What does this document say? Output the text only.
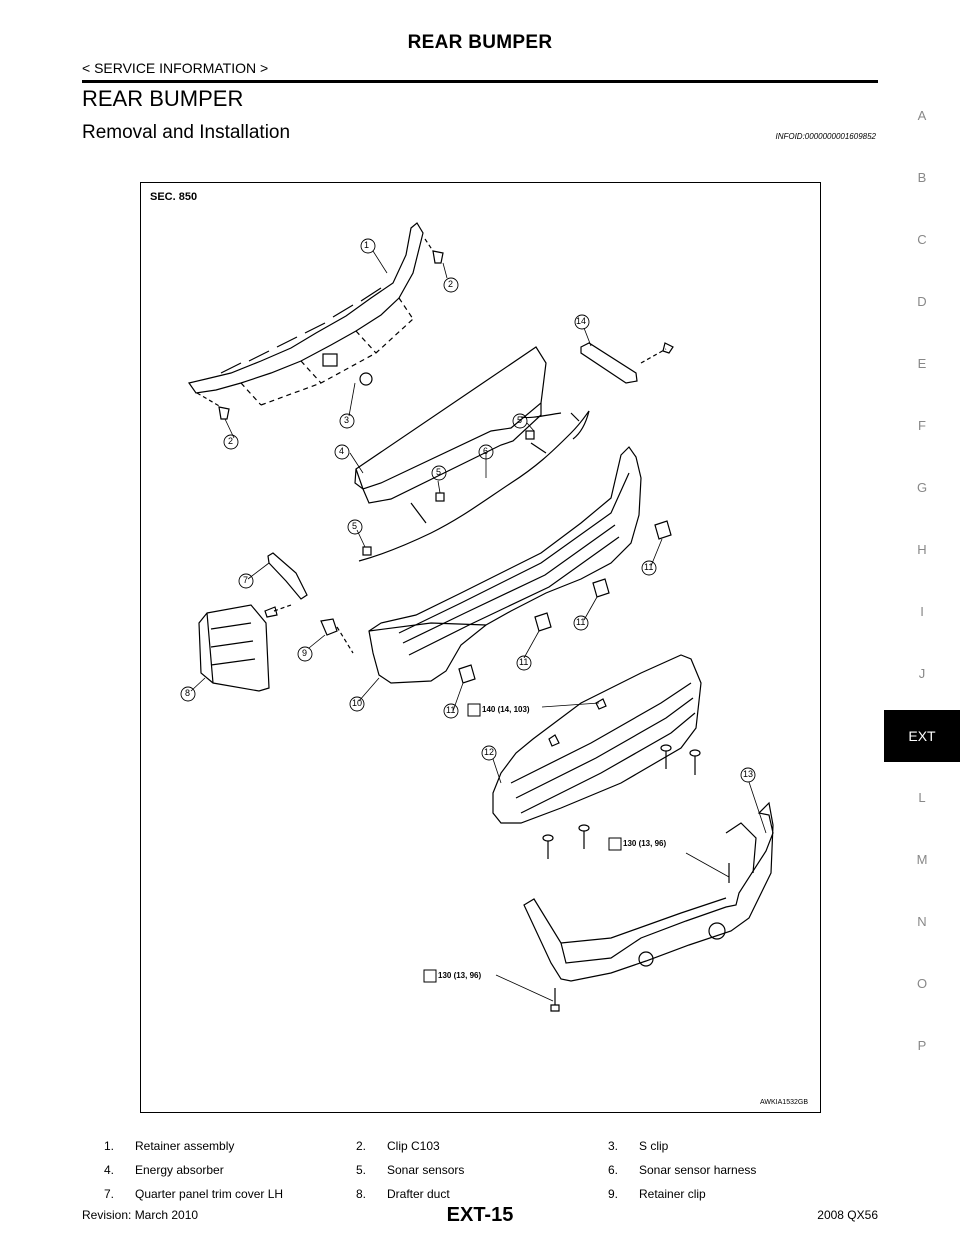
REAR BUMPER
< SERVICE INFORMATION >
REAR BUMPER
Removal and Installation	INFOID:0000000001609852
SEC. 850
1
2
2
3
14
5
4	6
5
5
7
11
11
11
9
8
10
11
12
13
140 (14, 103)
130 (13, 96)
130 (13, 96)
AWKIA1532GB
A
B
C
D
E
F
G
H
I
J
EXT
L
M
N
O
P
1.	Retainer assembly	2.	Clip C103	3.	S clip
4.	Energy absorber	5.	Sonar sensors	6.	Sonar sensor harness
7.	Quarter panel trim cover LH	8.	Drafter duct	9.	Retainer clip
Revision: March 2010	EXT-15	2008 QX56
